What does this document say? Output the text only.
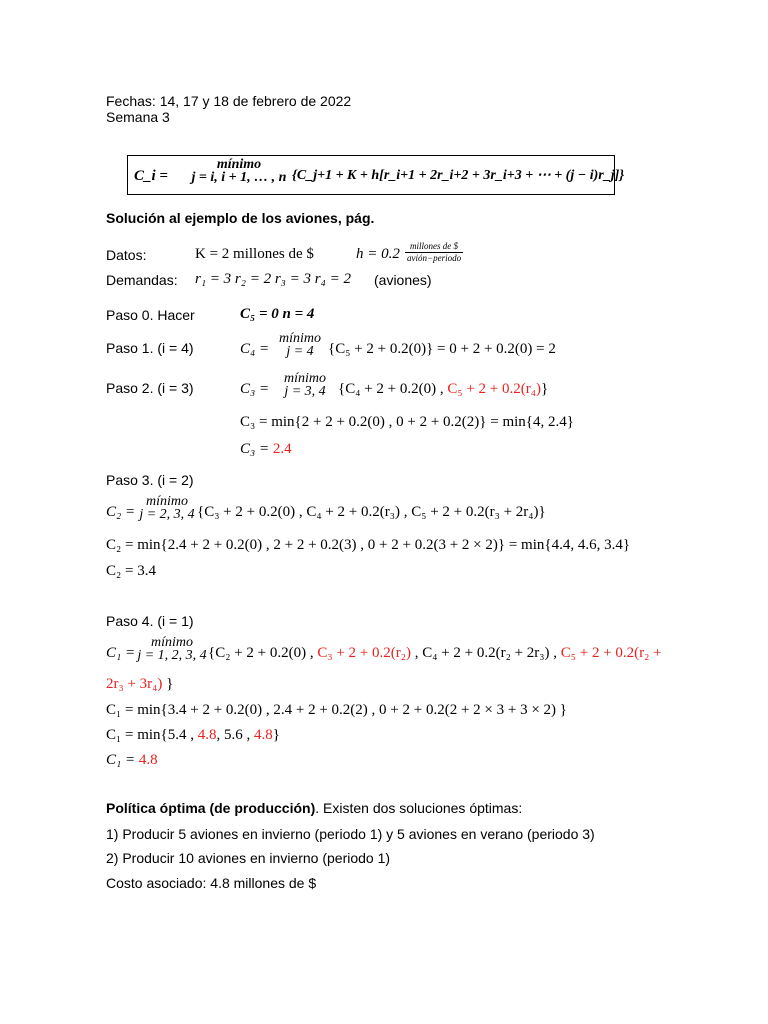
Fechas: 14, 17 y 18 de febrero de 2022
Semana 3
C_i =
mínimo
j = i, i + 1, … , n {C_j+1 + K + h[r_i+1 + 2r_i+2 + 3r_i+3 + ⋯ + (j − i)r_j]}
Solución al ejemplo de los aviones, pág.
Datos:	K = 2 millones de $	h = 0.2	millones de $
avión−periodo
Demandas: r₁ = 3 r₂ = 2 r₃ = 3 r₄ = 2 (aviones)
Paso 0. Hacer	C₅ = 0 n = 4
Paso 1. (i = 4)	C₄ =
mínimo
j = 4 {C₅ + 2 + 0.2(0)} = 0 + 2 + 0.2(0) = 2
Paso 2. (i = 3)	C₃ =
mínimo
j = 3, 4 {C₄ + 2 + 0.2(0) , C₅ + 2 + 0.2(r₄)}
C₃ = min{2 + 2 + 0.2(0) , 0 + 2 + 0.2(2)} = min{4, 2.4}
C₃ = 2.4
Paso 3. (i = 2)
C₂ =
mínimo
j = 2, 3, 4 {C₃ + 2 + 0.2(0) , C₄ + 2 + 0.2(r₃) , C₅ + 2 + 0.2(r₃ + 2r₄)}
C₂ = min{2.4 + 2 + 0.2(0) , 2 + 2 + 0.2(3) , 0 + 2 + 0.2(3 + 2 × 2)} = min{4.4, 4.6, 3.4}
C₂ = 3.4
Paso 4. (i = 1)
C₁ =
mínimo
j = 1, 2, 3, 4 {C₂ + 2 + 0.2(0) , C₃ + 2 + 0.2(r₂) , C₄ + 2 + 0.2(r₂ + 2r₃) , C₅ + 2 + 0.2(r₂ +
2r₃ + 3r₄) }
C₁ = min{3.4 + 2 + 0.2(0) , 2.4 + 2 + 0.2(2) , 0 + 2 + 0.2(2 + 2 × 3 + 3 × 2) }
C₁ = min{5.4 , 4.8, 5.6 , 4.8}
C₁ = 4.8
Política óptima (de producción). Existen dos soluciones óptimas:
1) Producir 5 aviones en invierno (periodo 1) y 5 aviones en verano (periodo 3)
2) Producir 10 aviones en invierno (periodo 1)
Costo asociado: 4.8 millones de $
